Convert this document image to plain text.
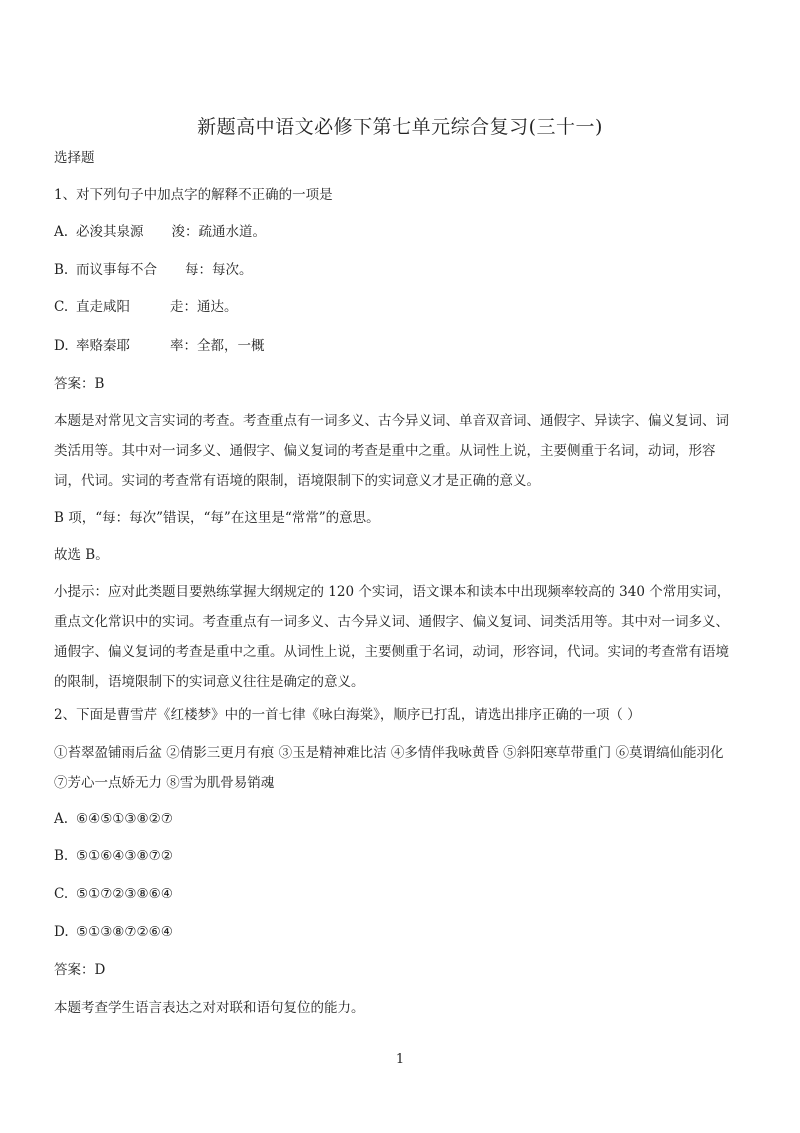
新题高中语文必修下第七单元综合复习(三十一)
选择题
1、对下列句子中加点字的解释不正确的一项是
A. 必浚其泉源 浚：疏通水道。
B. 而议事每不合 每：每次。
C. 直走咸阳	走：通达。
D. 率赂秦耶	率：全都，一概
答案：B
本题是对常见文言实词的考查。考查重点有一词多义、古今异义词、单音双音词、通假字、异读字、偏义复词、词类活用等。其中对一词多义、通假字、偏义复词的考查是重中之重。从词性上说，主要侧重于名词，动词，形容词，代词。实词的考查常有语境的限制，语境限制下的实词意义才是正确的意义。
B 项，“每：每次”错误，“每”在这里是“常常”的意思。
故选 B。
小提示：应对此类题目要熟练掌握大纲规定的 120 个实词，语文课本和读本中出现频率较高的 340 个常用实词，重点文化常识中的实词。考查重点有一词多义、古今异义词、通假字、偏义复词、词类活用等。其中对一词多义、通假字、偏义复词的考查是重中之重。从词性上说，主要侧重于名词，动词，形容词，代词。实词的考查常有语境的限制，语境限制下的实词意义往往是确定的意义。
2、下面是曹雪芹《红楼梦》中的一首七律《咏白海棠》，顺序已打乱，请选出排序正确的一项（ ）
①苔翠盈铺雨后盆 ②倩影三更月有痕 ③玉是精神难比洁 ④多情伴我咏黄昏 ⑤斜阳寒草带重门 ⑥莫谓缟仙能羽化 ⑦芳心一点娇无力 ⑧雪为肌骨易销魂
A. ⑥④⑤①③⑧②⑦
B. ⑤①⑥④③⑧⑦②
C. ⑤①⑦②③⑧⑥④
D. ⑤①③⑧⑦②⑥④
答案：D
本题考查学生语言表达之对对联和语句复位的能力。
1
